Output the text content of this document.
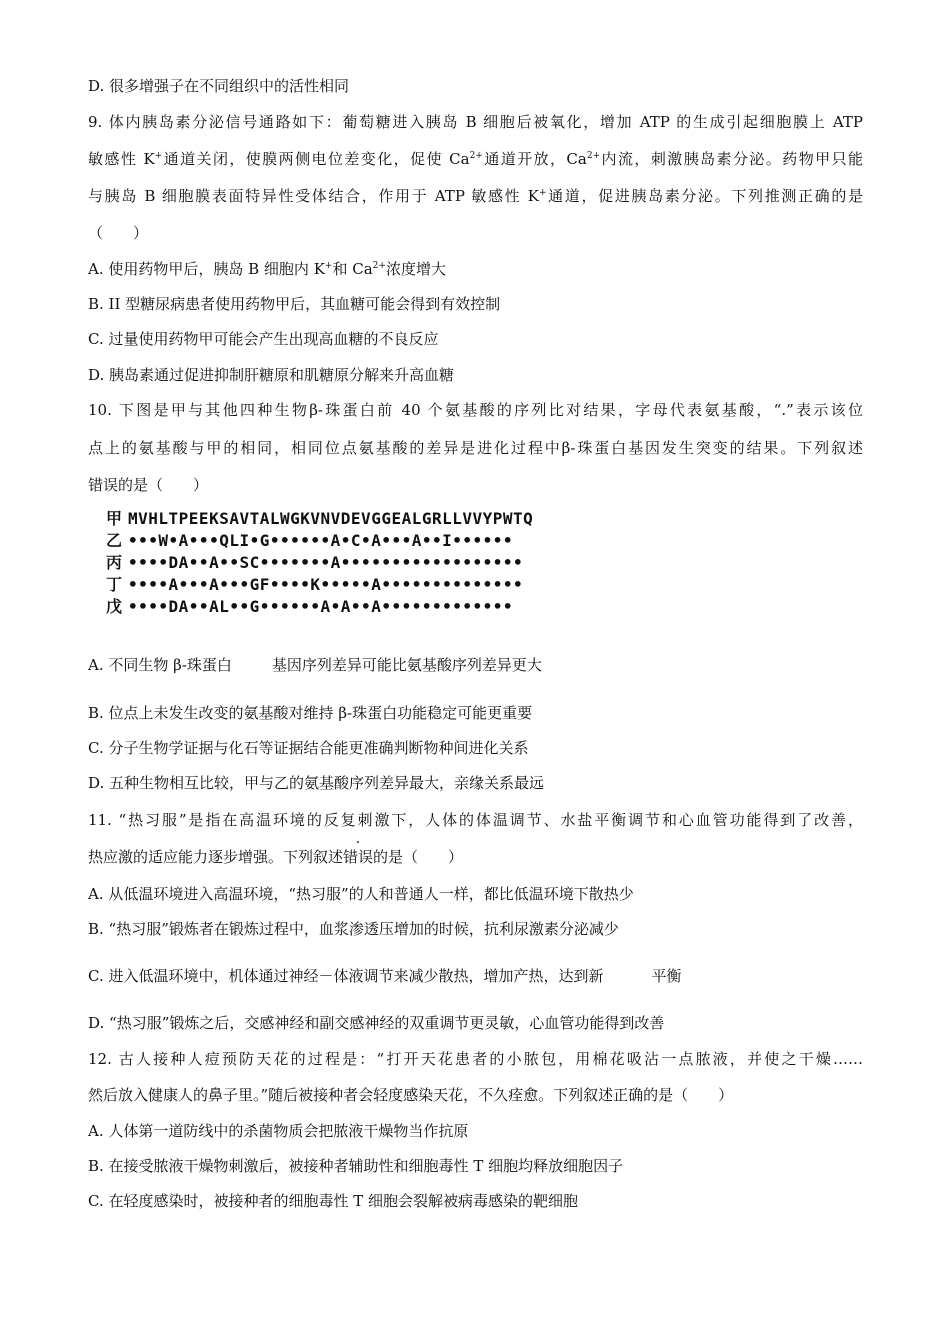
D. 很多增强子在不同组织中的活性相同
9. 体内胰岛素分泌信号通路如下：葡萄糖进入胰岛 B 细胞后被氧化，增加 ATP 的生成引起细胞膜上 ATP
敏感性 K+通道关闭，使膜两侧电位差变化，促使 $Ca^{2+}$通道开放，$Ca^{2+}$内流，刺激胰岛素分泌。药物甲只能
与胰岛 B 细胞膜表面特异性受体结合，作用于 ATP 敏感性 K+通道，促进胰岛素分泌。下列推测正确的是
（　　）
A. 使用药物甲后，胰岛 B 细胞内 K+和 $Ca^{2+}$浓度增大
B. II 型糖尿病患者使用药物甲后，其血糖可能会得到有效控制
C. 过量使用药物甲可能会产生出现高血糖的不良反应
D. 胰岛素通过促进抑制肝糖原和肌糖原分解来升高血糖
10. 下图是甲与其他四种生物β-珠蛋白前 40 个氨基酸的序列比对结果，字母代表氨基酸，“.”表示该位
点上的氨基酸与甲的相同，相同位点氨基酸的差异是进化过程中β-珠蛋白基因发生突变的结果。下列叙述
错误的是（　　）
甲 MVHLTPEEKSAVTALWGKVNVDEVGGEALGRLLVVYPWTQ
乙 •••W•A•••QLI•G••••••A•C•A•••A••I••••••
丙 ••••DA••A••SC•••••••A••••••••••••••••••
丁 ••••A•••A•••GF••••K•••••A••••••••••••••
戊 ••••DA••AL••G••••••A•A••A•••••••••••••
A. 不同生物 β-珠蛋白	基因序列差异可能比氨基酸序列差异更大
B. 位点上未发生改变的氨基酸对维持 β-珠蛋白功能稳定可能更重要
C. 分子生物学证据与化石等证据结合能更准确判断物种间进化关系
D. 五种生物相互比较，甲与乙的氨基酸序列差异最大，亲缘关系最远
11. “热习服”是指在高温环境的反复刺激下，人体的体温调节、水盐平衡调节和心血管功能得到了改善，
热应激的适应能力逐步增强。下列叙述错误的是（　　）
A. 从低温环境进入高温环境，“热习服”的人和普通人一样，都比低温环境下散热少
B. “热习服”锻炼者在锻炼过程中，血浆渗透压增加的时候，抗利尿激素分泌减少
C. 进入低温环境中，机体通过神经－体液调节来减少散热，增加产热，达到新	平衡
D. “热习服”锻炼之后，交感神经和副交感神经的双重调节更灵敏，心血管功能得到改善
12. 古人接种人痘预防天花的过程是：“打开天花患者的小脓包，用棉花吸沾一点脓液，并使之干燥……
然后放入健康人的鼻子里。”随后被接种者会轻度感染天花，不久痊愈。下列叙述正确的是（　　）
A. 人体第一道防线中的杀菌物质会把脓液干燥物当作抗原
B. 在接受脓液干燥物刺激后，被接种者辅助性和细胞毒性 T 细胞均释放细胞因子
C. 在轻度感染时，被接种者的细胞毒性 T 细胞会裂解被病毒感染的靶细胞
